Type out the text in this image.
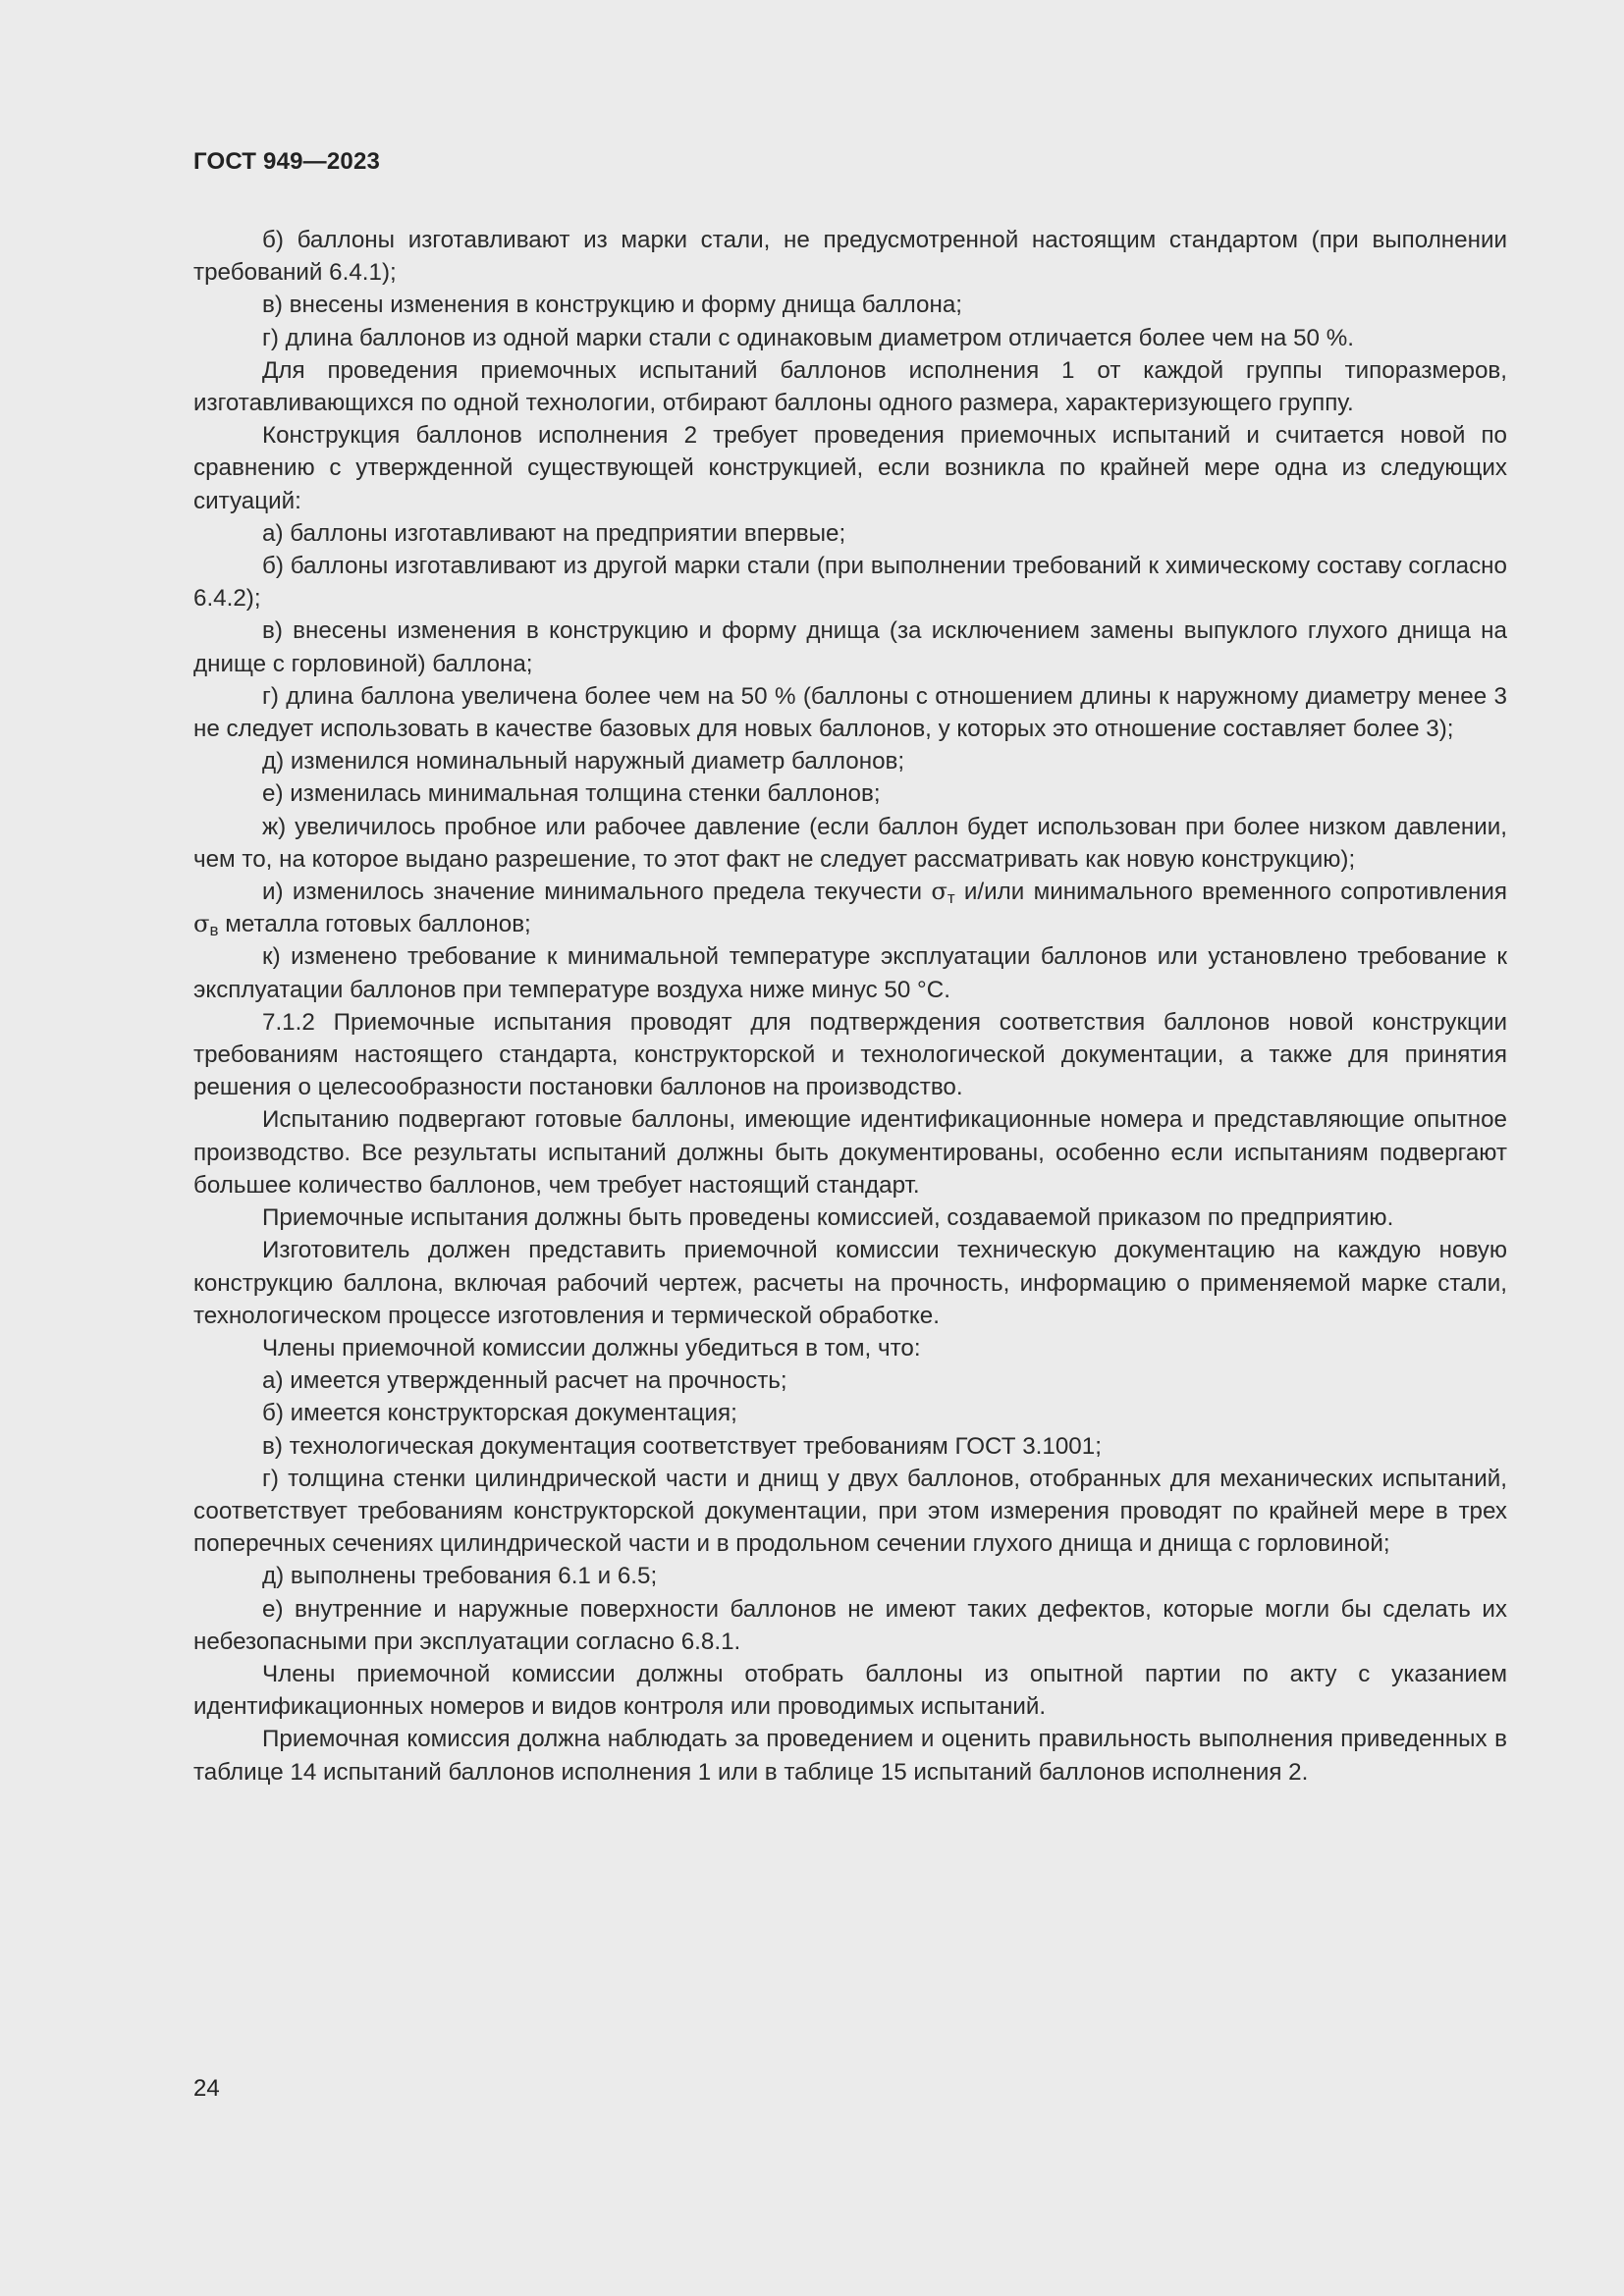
ГОСТ 949—2023

б) баллоны изготавливают из марки стали, не предусмотренной настоящим стандартом (при выполнении требований 6.4.1);

в) внесены изменения в конструкцию и форму днища баллона;

г) длина баллонов из одной марки стали с одинаковым диаметром отличается более чем на 50 %.

Для проведения приемочных испытаний баллонов исполнения 1 от каждой группы типоразмеров, изготавливающихся по одной технологии, отбирают баллоны одного размера, характеризующего группу.

Конструкция баллонов исполнения 2 требует проведения приемочных испытаний и считается новой по сравнению с утвержденной существующей конструкцией, если возникла по крайней мере одна из следующих ситуаций:

а) баллоны изготавливают на предприятии впервые;

б) баллоны изготавливают из другой марки стали (при выполнении требований к химическому составу согласно 6.4.2);

в) внесены изменения в конструкцию и форму днища (за исключением замены выпуклого глухого днища на днище с горловиной) баллона;

г) длина баллона увеличена более чем на 50 % (баллоны с отношением длины к наружному диаметру менее 3 не следует использовать в качестве базовых для новых баллонов, у которых это отношение составляет более 3);

д) изменился номинальный наружный диаметр баллонов;

е) изменилась минимальная толщина стенки баллонов;

ж) увеличилось пробное или рабочее давление (если баллон будет использован при более низком давлении, чем то, на которое выдано разрешение, то этот факт не следует рассматривать как новую конструкцию);

и) изменилось значение минимального предела текучести $\sigma_т$ и/или минимального временного сопротивления $\sigma_в$ металла готовых баллонов;

к) изменено требование к минимальной температуре эксплуатации баллонов или установлено требование к эксплуатации баллонов при температуре воздуха ниже минус 50 °С.

7.1.2 Приемочные испытания проводят для подтверждения соответствия баллонов новой конструкции требованиям настоящего стандарта, конструкторской и технологической документации, а также для принятия решения о целесообразности постановки баллонов на производство.

Испытанию подвергают готовые баллоны, имеющие идентификационные номера и представляющие опытное производство. Все результаты испытаний должны быть документированы, особенно если испытаниям подвергают большее количество баллонов, чем требует настоящий стандарт.

Приемочные испытания должны быть проведены комиссией, создаваемой приказом по предприятию.

Изготовитель должен представить приемочной комиссии техническую документацию на каждую новую конструкцию баллона, включая рабочий чертеж, расчеты на прочность, информацию о применяемой марке стали, технологическом процессе изготовления и термической обработке.

Члены приемочной комиссии должны убедиться в том, что:

а) имеется утвержденный расчет на прочность;

б) имеется конструкторская документация;

в) технологическая документация соответствует требованиям ГОСТ 3.1001;

г) толщина стенки цилиндрической части и днищ у двух баллонов, отобранных для механических испытаний, соответствует требованиям конструкторской документации, при этом измерения проводят по крайней мере в трех поперечных сечениях цилиндрической части и в продольном сечении глухого днища и днища с горловиной;

д) выполнены требования 6.1 и 6.5;

е) внутренние и наружные поверхности баллонов не имеют таких дефектов, которые могли бы сделать их небезопасными при эксплуатации согласно 6.8.1.

Члены приемочной комиссии должны отобрать баллоны из опытной партии по акту с указанием идентификационных номеров и видов контроля или проводимых испытаний.

Приемочная комиссия должна наблюдать за проведением и оценить правильность выполнения приведенных в таблице 14 испытаний баллонов исполнения 1 или в таблице 15 испытаний баллонов исполнения 2.

24
